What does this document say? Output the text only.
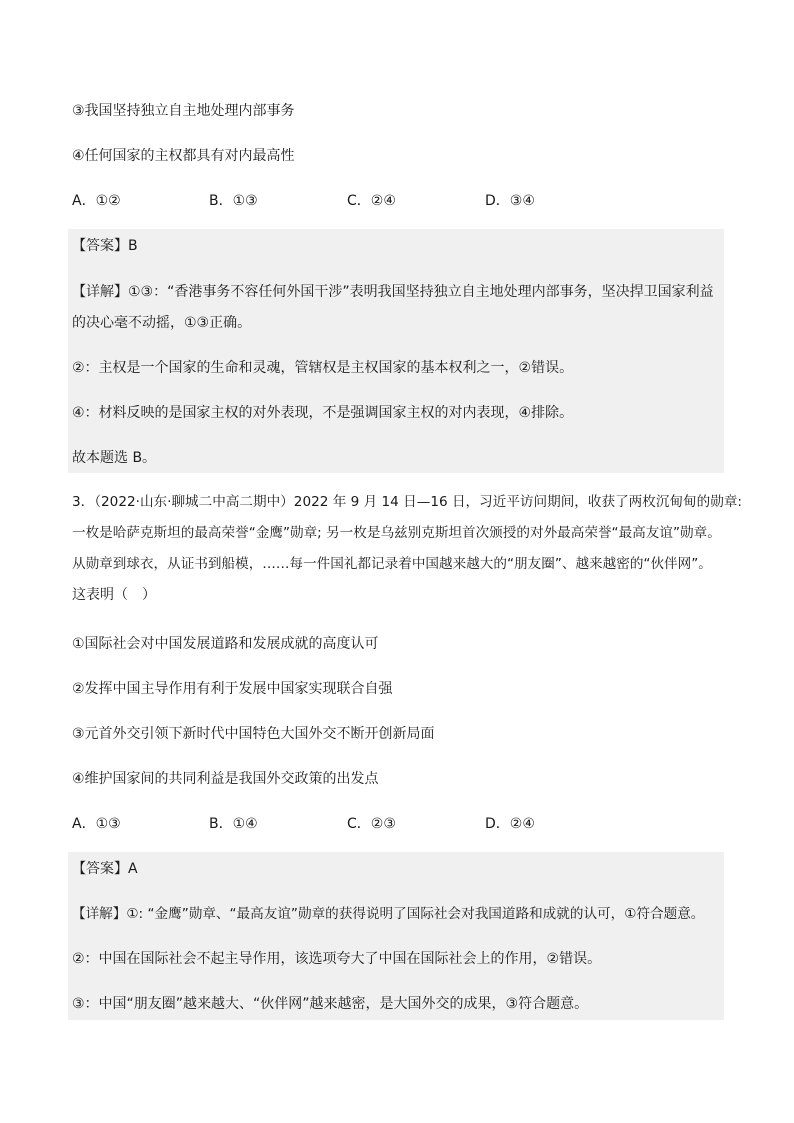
③我国坚持独立自主地处理内部事务
④任何国家的主权都具有对内最高性
A．①②	B．①③	C．②④	D．③④
【答案】B
【详解】①③：“香港事务不容任何外国干涉”表明我国坚持独立自主地处理内部事务，坚决捍卫国家利益
的决心毫不动摇，①③正确。
②：主权是一个国家的生命和灵魂，管辖权是主权国家的基本权利之一，②错误。
④：材料反映的是国家主权的对外表现，不是强调国家主权的对内表现，④排除。
故本题选 B。
3．（2022·山东·聊城二中高二期中）2022 年 9 月 14 日—16 日，习近平访问期间，收获了两枚沉甸甸的勋章:
一枚是哈萨克斯坦的最高荣誉“金鹰”勋章; 另一枚是乌兹别克斯坦首次颁授的对外最高荣誉“最高友谊”勋章。
从勋章到球衣，从证书到船模，……每一件国礼都记录着中国越来越大的“朋友圈”、越来越密的“伙伴网”。
这表明（　）
①国际社会对中国发展道路和发展成就的高度认可
②发挥中国主导作用有利于发展中国家实现联合自强
③元首外交引领下新时代中国特色大国外交不断开创新局面
④维护国家间的共同利益是我国外交政策的出发点
A．①③	B．①④	C．②③	D．②④
【答案】A
【详解】①: “金鹰”勋章、“最高友谊”勋章的获得说明了国际社会对我国道路和成就的认可，①符合题意。
②：中国在国际社会不起主导作用，该选项夸大了中国在国际社会上的作用，②错误。
③：中国“朋友圈”越来越大、“伙伴网”越来越密，是大国外交的成果，③符合题意。
